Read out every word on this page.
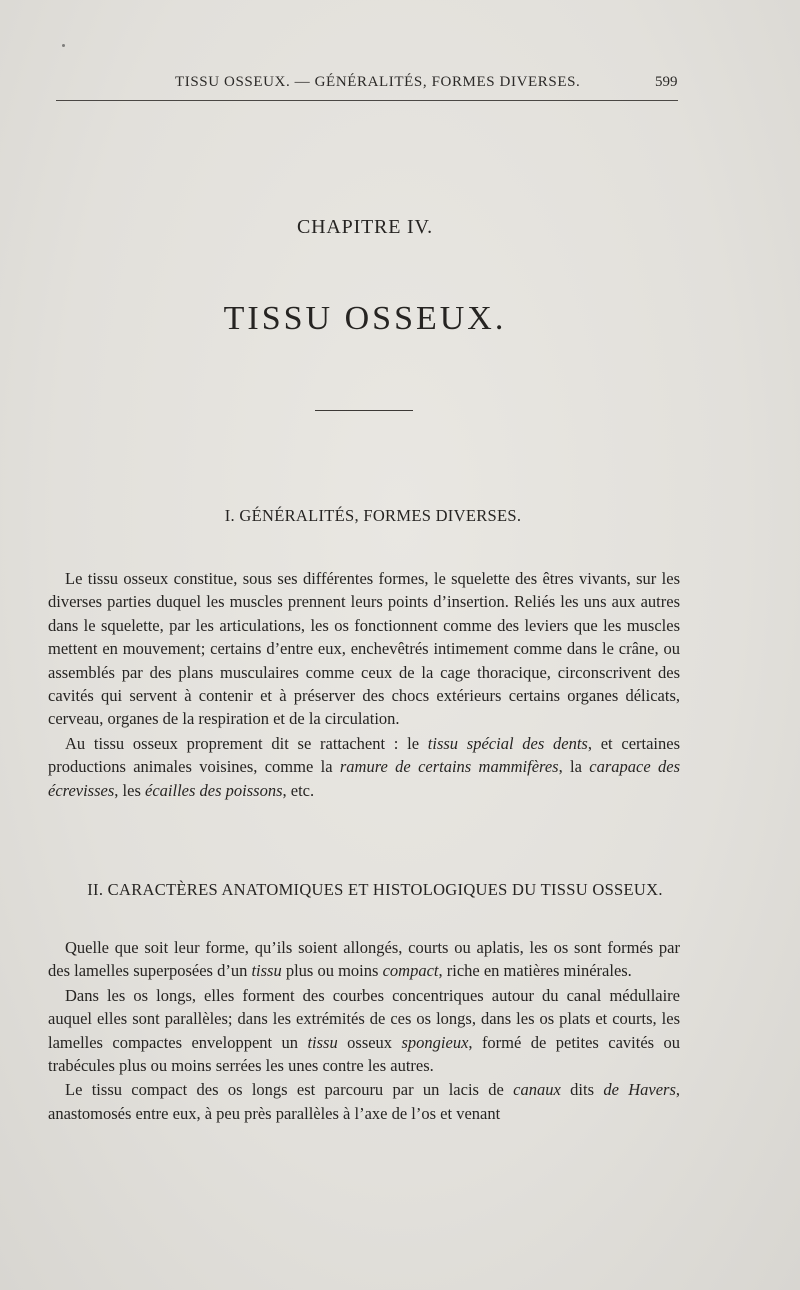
TISSU OSSEUX. — GÉNÉRALITÉS, FORMES DIVERSES.	599
CHAPITRE IV.
TISSU OSSEUX.
I. GÉNÉRALITÉS, FORMES DIVERSES.

Le tissu osseux constitue, sous ses différentes formes, le squelette des êtres vivants, sur les diverses parties duquel les muscles prennent leurs points d’insertion. Reliés les uns aux autres dans le squelette, par les articulations, les os fonctionnent comme des leviers que les muscles mettent en mouvement; certains d’entre eux, enchevêtrés intimement comme dans le crâne, ou assemblés par des plans musculaires comme ceux de la cage thoracique, circonscrivent des cavités qui servent à contenir et à préserver des chocs extérieurs certains organes délicats, cerveau, organes de la respiration et de la circulation.

Au tissu osseux proprement dit se rattachent : le tissu spécial des dents, et certaines productions animales voisines, comme la ramure de certains mammifères, la carapace des écrevisses, les écailles des poissons, etc.

II. CARACTÈRES ANATOMIQUES ET HISTOLOGIQUES DU TISSU OSSEUX.

Quelle que soit leur forme, qu’ils soient allongés, courts ou aplatis, les os sont formés par des lamelles superposées d’un tissu plus ou moins compact, riche en matières minérales.

Dans les os longs, elles forment des courbes concentriques autour du canal médullaire auquel elles sont parallèles; dans les extrémités de ces os longs, dans les os plats et courts, les lamelles compactes enveloppent un tissu osseux spongieux, formé de petites cavités ou trabécules plus ou moins serrées les unes contre les autres.

Le tissu compact des os longs est parcouru par un lacis de canaux dits de Havers, anastomosés entre eux, à peu près parallèles à l’axe de l’os et venant
